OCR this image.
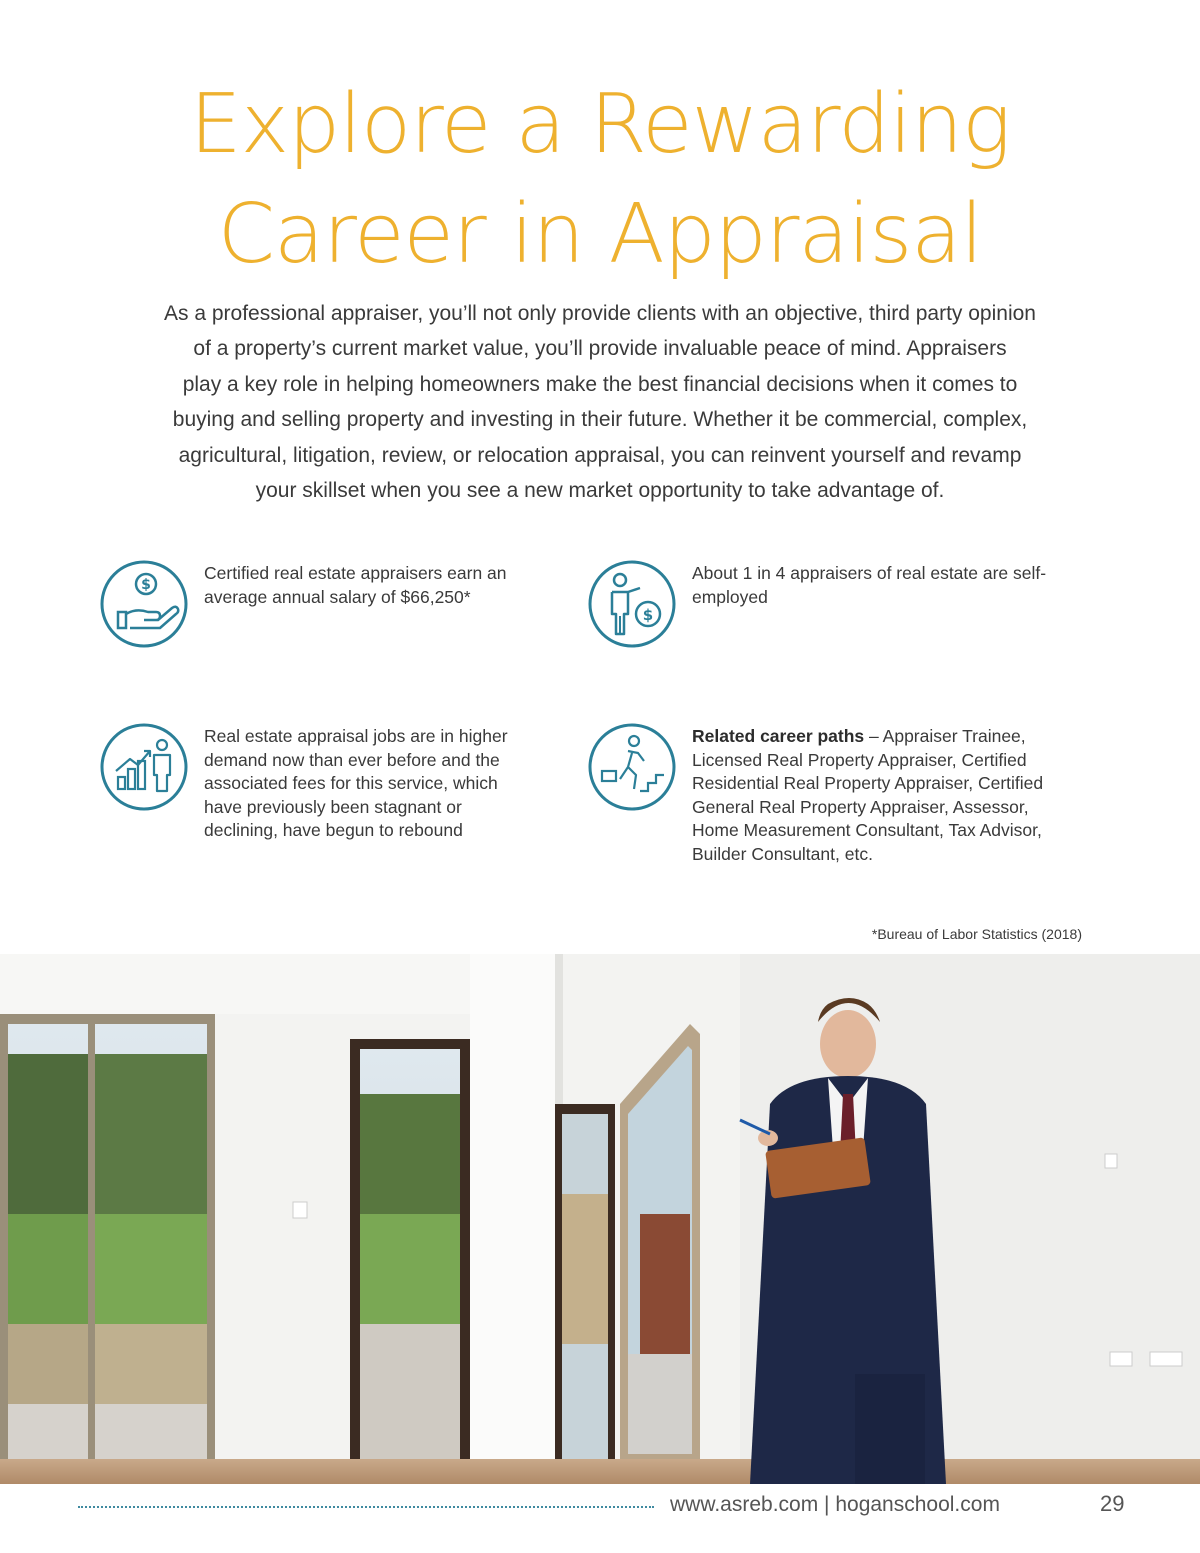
Explore a Rewarding
Career in Appraisal
As a professional appraiser, you’ll not only provide clients with an objective, third party opinion
of a property’s current market value, you’ll provide invaluable peace of mind. Appraisers
play a key role in helping homeowners make the best financial decisions when it comes to
buying and selling property and investing in their future. Whether it be commercial, complex,
agricultural, litigation, review, or relocation appraisal, you can reinvent yourself and revamp
your skillset when you see a new market opportunity to take advantage of.
$
Certified real estate appraisers earn an
average annual salary of $66,250*
$
About 1 in 4 appraisers of real estate are self-
employed
Real estate appraisal jobs are in higher
demand now than ever before and the
associated fees for this service, which
have previously been stagnant or
declining, have begun to rebound
Related career paths – Appraiser Trainee,
Licensed Real Property Appraiser, Certified
Residential Real Property Appraiser, Certified
General Real Property Appraiser, Assessor,
Home Measurement Consultant, Tax Advisor,
Builder Consultant, etc.
*Bureau of Labor Statistics (2018)
www.asreb.com | hoganschool.com	29
